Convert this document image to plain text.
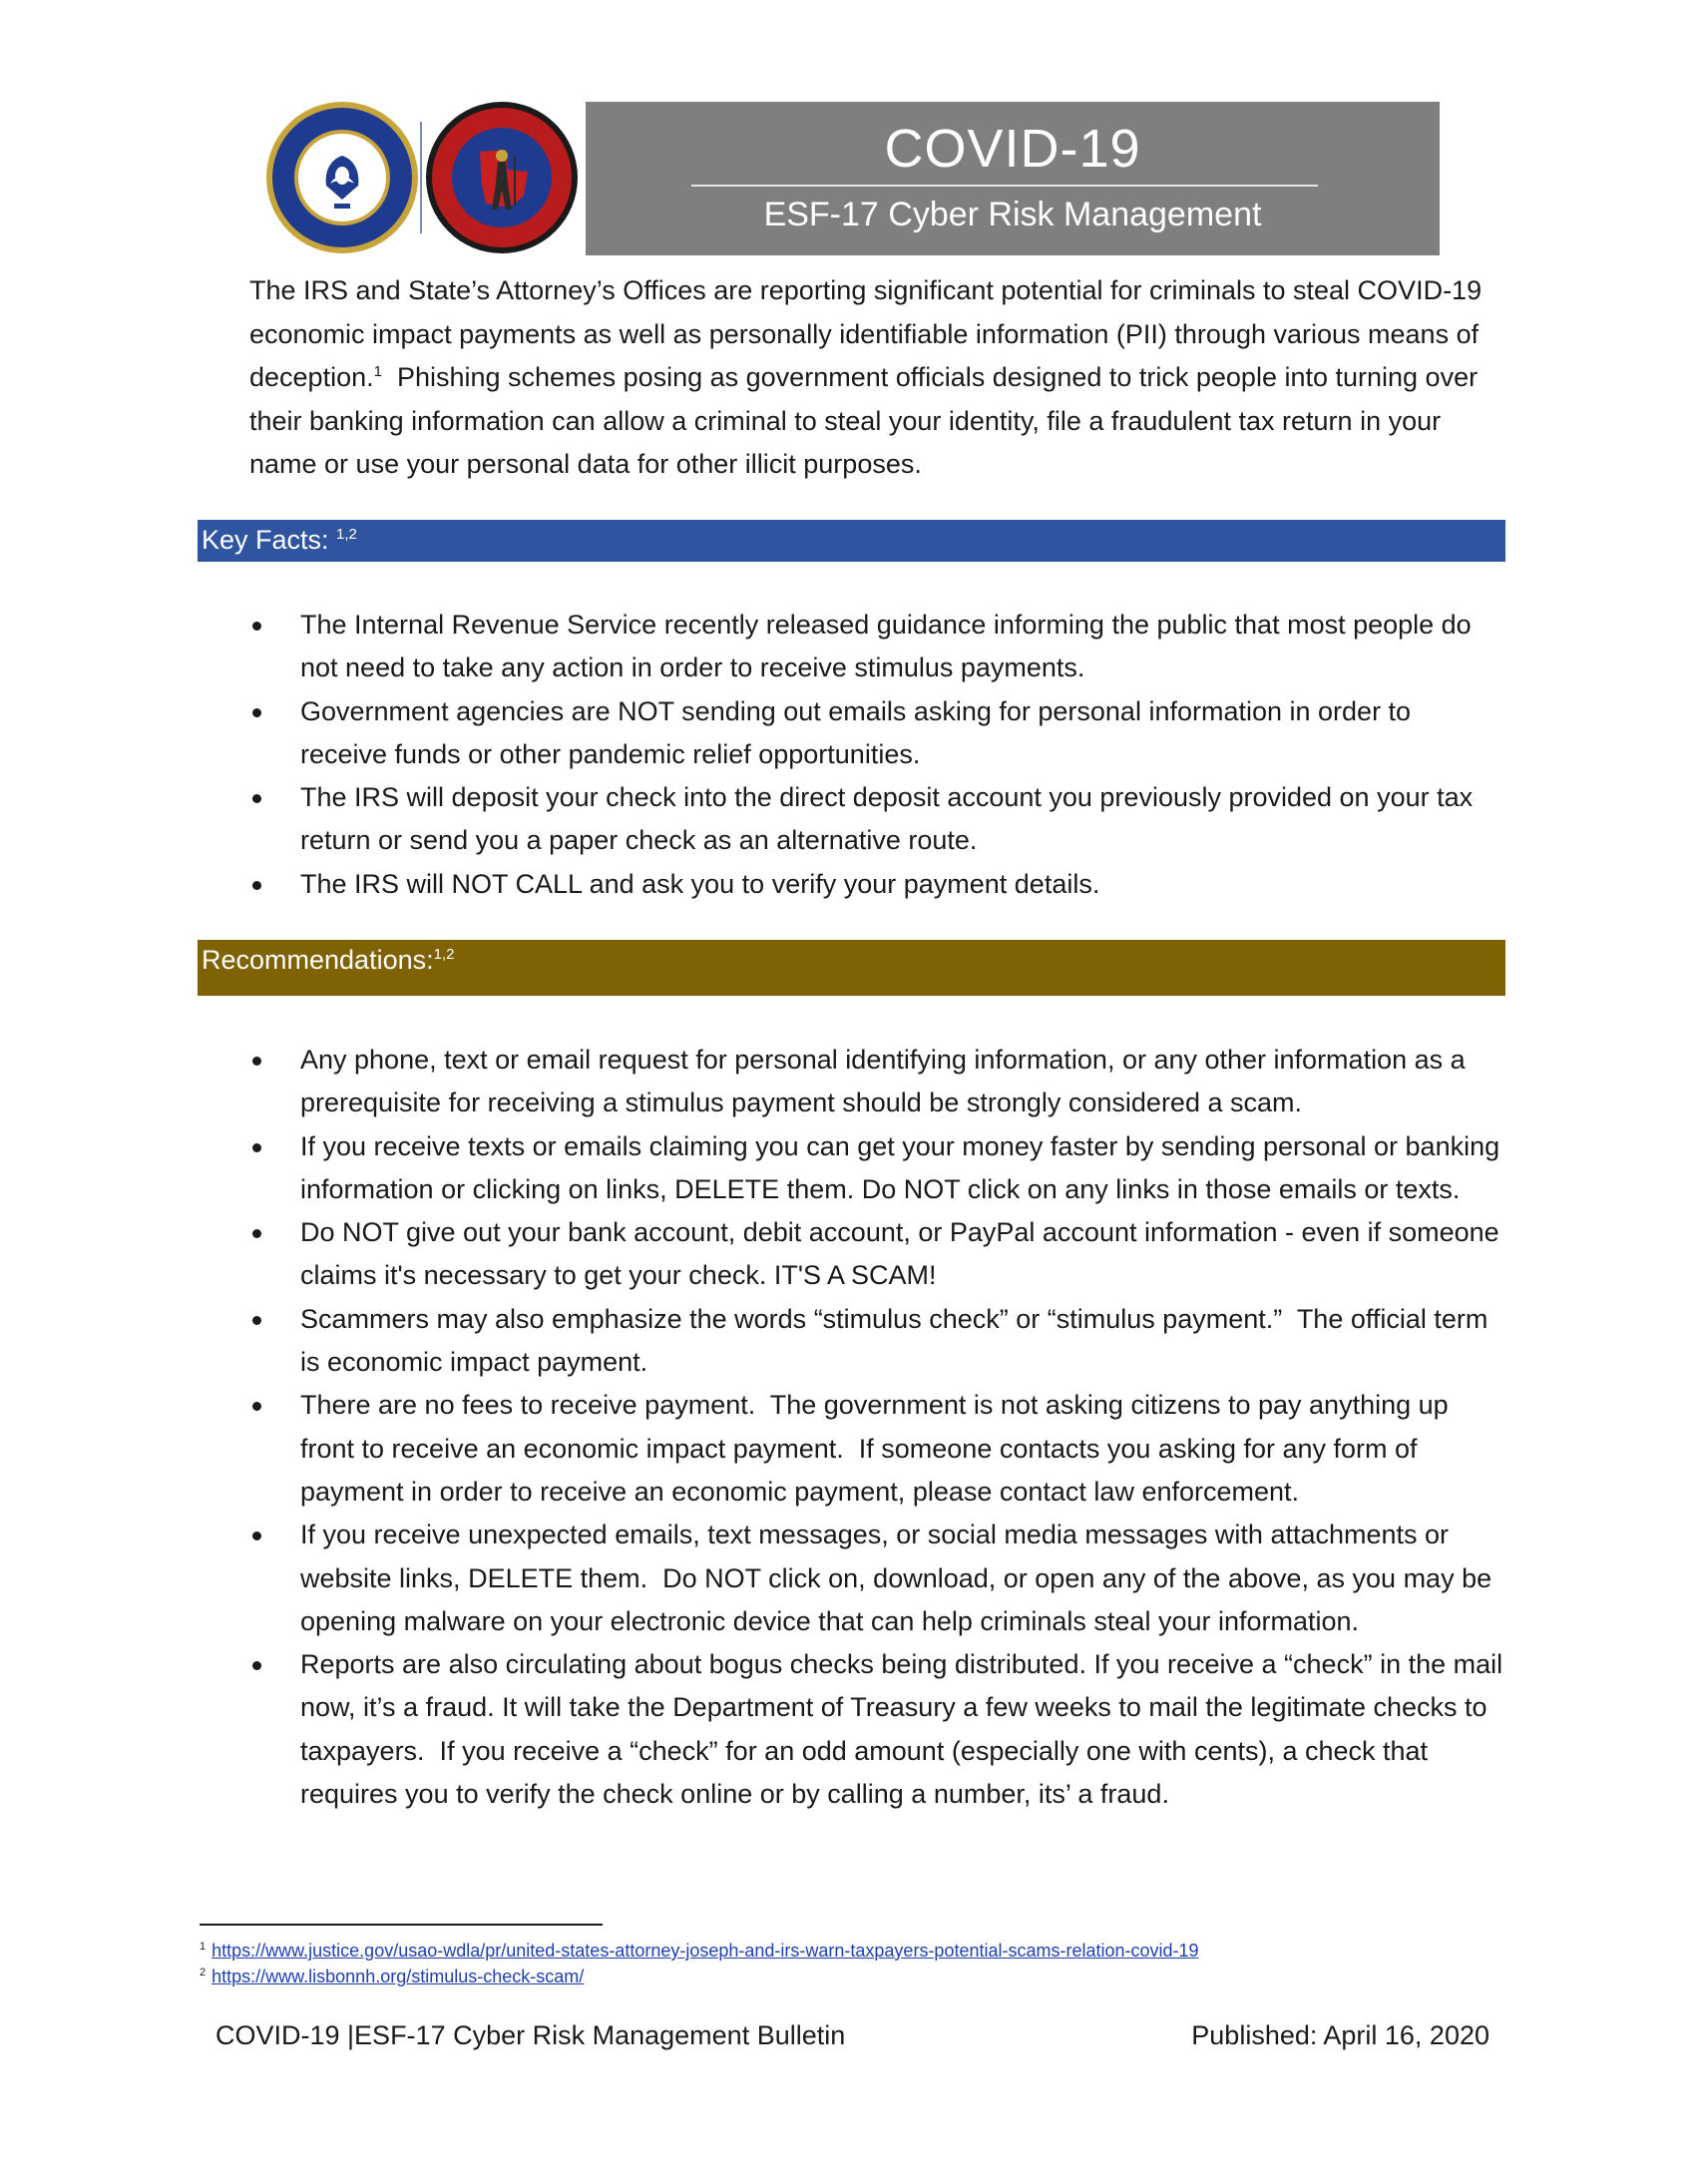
COVID-19
ESF-17 Cyber Risk Management
The IRS and State’s Attorney’s Offices are reporting significant potential for criminals to steal COVID-19 economic impact payments as well as personally identifiable information (PII) through various means of deception.$^1$  Phishing schemes posing as government officials designed to trick people into turning over their banking information can allow a criminal to steal your identity, file a fraudulent tax return in your name or use your personal data for other illicit purposes.
Key Facts: $^{1,2}$
The Internal Revenue Service recently released guidance informing the public that most people do not need to take any action in order to receive stimulus payments.
Government agencies are NOT sending out emails asking for personal information in order to receive funds or other pandemic relief opportunities.
The IRS will deposit your check into the direct deposit account you previously provided on your tax return or send you a paper check as an alternative route.
The IRS will NOT CALL and ask you to verify your payment details.
Recommendations:$^{1,2}$
Any phone, text or email request for personal identifying information, or any other information as a prerequisite for receiving a stimulus payment should be strongly considered a scam.
If you receive texts or emails claiming you can get your money faster by sending personal or banking information or clicking on links, DELETE them. Do NOT click on any links in those emails or texts.
Do NOT give out your bank account, debit account, or PayPal account information - even if someone claims it's necessary to get your check. IT'S A SCAM!
Scammers may also emphasize the words “stimulus check” or “stimulus payment.”  The official term is economic impact payment.
There are no fees to receive payment.  The government is not asking citizens to pay anything up front to receive an economic impact payment.  If someone contacts you asking for any form of payment in order to receive an economic payment, please contact law enforcement.
If you receive unexpected emails, text messages, or social media messages with attachments or website links, DELETE them.  Do NOT click on, download, or open any of the above, as you may be opening malware on your electronic device that can help criminals steal your information.
Reports are also circulating about bogus checks being distributed. If you receive a “check” in the mail now, it’s a fraud. It will take the Department of Treasury a few weeks to mail the legitimate checks to taxpayers.  If you receive a “check” for an odd amount (especially one with cents), a check that requires you to verify the check online or by calling a number, its’ a fraud.
$^1$ https://www.justice.gov/usao-wdla/pr/united-states-attorney-joseph-and-irs-warn-taxpayers-potential-scams-relation-covid-19
$^2$ https://www.lisbonnh.org/stimulus-check-scam/
COVID-19 |ESF-17 Cyber Risk Management Bulletin	Published: April 16, 2020
